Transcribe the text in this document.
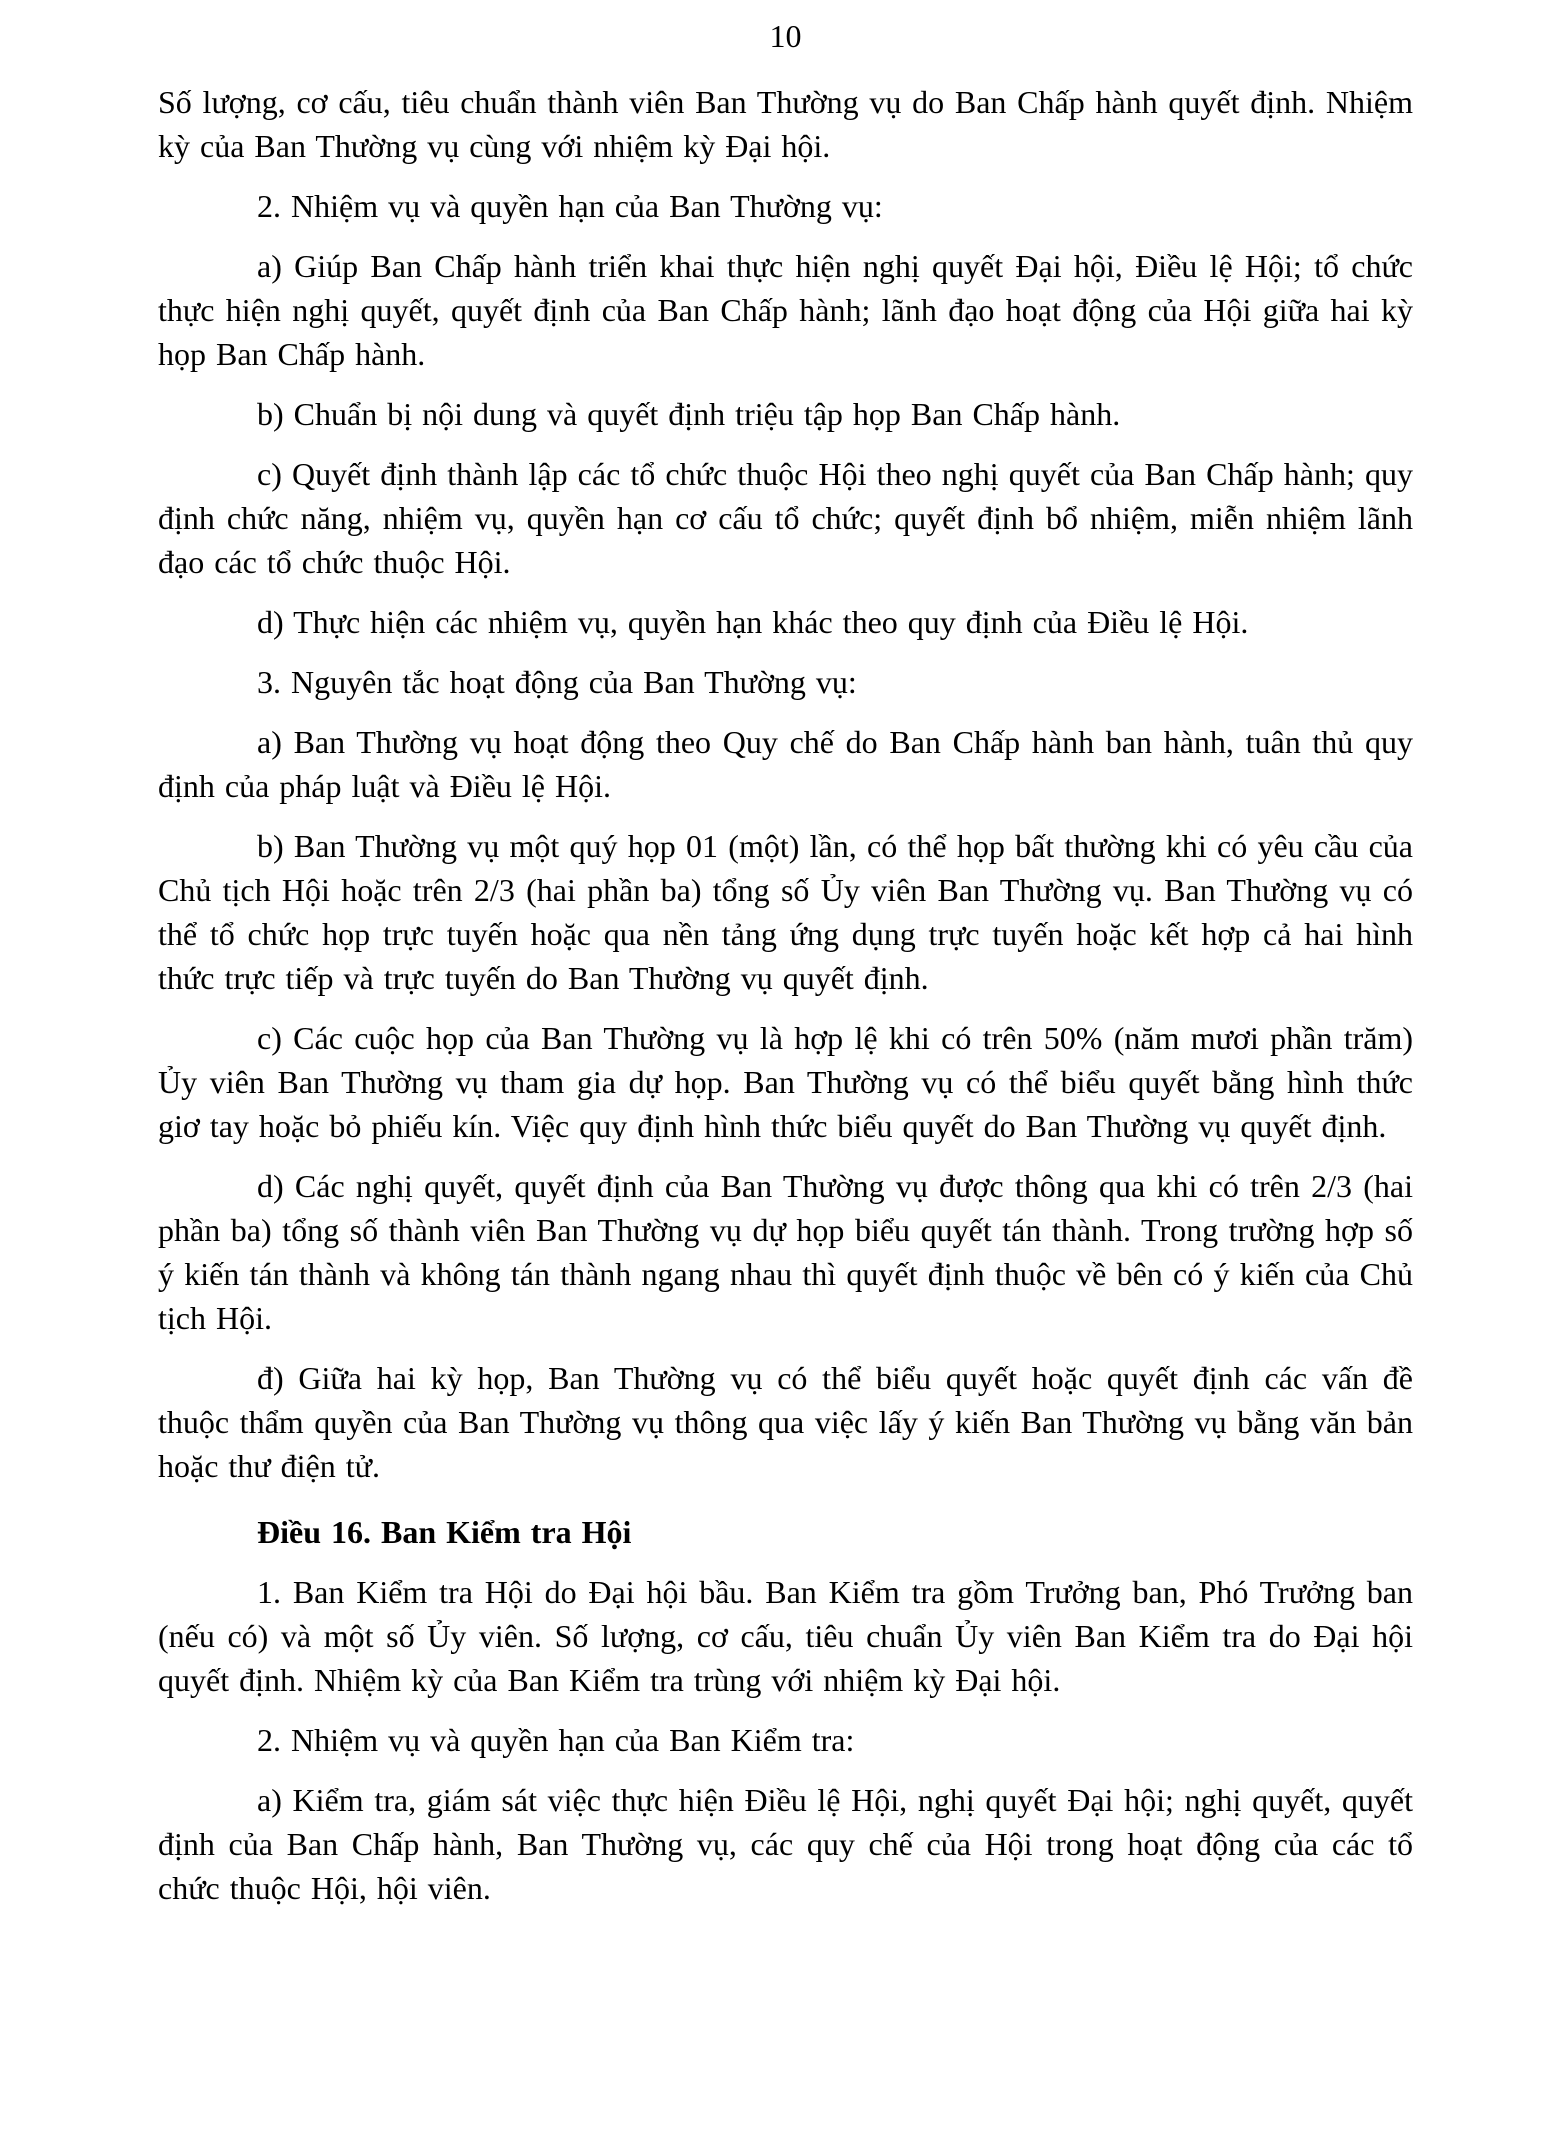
10

Số lượng, cơ cấu, tiêu chuẩn thành viên Ban Thường vụ do Ban Chấp hành quyết định. Nhiệm kỳ của Ban Thường vụ cùng với nhiệm kỳ Đại hội.

2. Nhiệm vụ và quyền hạn của Ban Thường vụ:

a) Giúp Ban Chấp hành triển khai thực hiện nghị quyết Đại hội, Điều lệ Hội; tổ chức thực hiện nghị quyết, quyết định của Ban Chấp hành; lãnh đạo hoạt động của Hội giữa hai kỳ họp Ban Chấp hành.

b) Chuẩn bị nội dung và quyết định triệu tập họp Ban Chấp hành.

c) Quyết định thành lập các tổ chức thuộc Hội theo nghị quyết của Ban Chấp hành; quy định chức năng, nhiệm vụ, quyền hạn cơ cấu tổ chức; quyết định bổ nhiệm, miễn nhiệm lãnh đạo các tổ chức thuộc Hội.

d) Thực hiện các nhiệm vụ, quyền hạn khác theo quy định của Điều lệ Hội.

3. Nguyên tắc hoạt động của Ban Thường vụ:

a) Ban Thường vụ hoạt động theo Quy chế do Ban Chấp hành ban hành, tuân thủ quy định của pháp luật và Điều lệ Hội.

b) Ban Thường vụ một quý họp 01 (một) lần, có thể họp bất thường khi có yêu cầu của Chủ tịch Hội hoặc trên 2/3 (hai phần ba) tổng số Ủy viên Ban Thường vụ. Ban Thường vụ có thể tổ chức họp trực tuyến hoặc qua nền tảng ứng dụng trực tuyến hoặc kết hợp cả hai hình thức trực tiếp và trực tuyến do Ban Thường vụ quyết định.

c) Các cuộc họp của Ban Thường vụ là hợp lệ khi có trên 50% (năm mươi phần trăm) Ủy viên Ban Thường vụ tham gia dự họp. Ban Thường vụ có thể biểu quyết bằng hình thức giơ tay hoặc bỏ phiếu kín. Việc quy định hình thức biểu quyết do Ban Thường vụ quyết định.

d) Các nghị quyết, quyết định của Ban Thường vụ được thông qua khi có trên 2/3 (hai phần ba) tổng số thành viên Ban Thường vụ dự họp biểu quyết tán thành. Trong trường hợp số ý kiến tán thành và không tán thành ngang nhau thì quyết định thuộc về bên có ý kiến của Chủ tịch Hội.

đ) Giữa hai kỳ họp, Ban Thường vụ có thể biểu quyết hoặc quyết định các vấn đề thuộc thẩm quyền của Ban Thường vụ thông qua việc lấy ý kiến Ban Thường vụ bằng văn bản hoặc thư điện tử.

Điều 16. Ban Kiểm tra Hội

1. Ban Kiểm tra Hội do Đại hội bầu. Ban Kiểm tra gồm Trưởng ban, Phó Trưởng ban (nếu có) và một số Ủy viên. Số lượng, cơ cấu, tiêu chuẩn Ủy viên Ban Kiểm tra do Đại hội quyết định. Nhiệm kỳ của Ban Kiểm tra trùng với nhiệm kỳ Đại hội.

2. Nhiệm vụ và quyền hạn của Ban Kiểm tra:

a) Kiểm tra, giám sát việc thực hiện Điều lệ Hội, nghị quyết Đại hội; nghị quyết, quyết định của Ban Chấp hành, Ban Thường vụ, các quy chế của Hội trong hoạt động của các tổ chức thuộc Hội, hội viên.
